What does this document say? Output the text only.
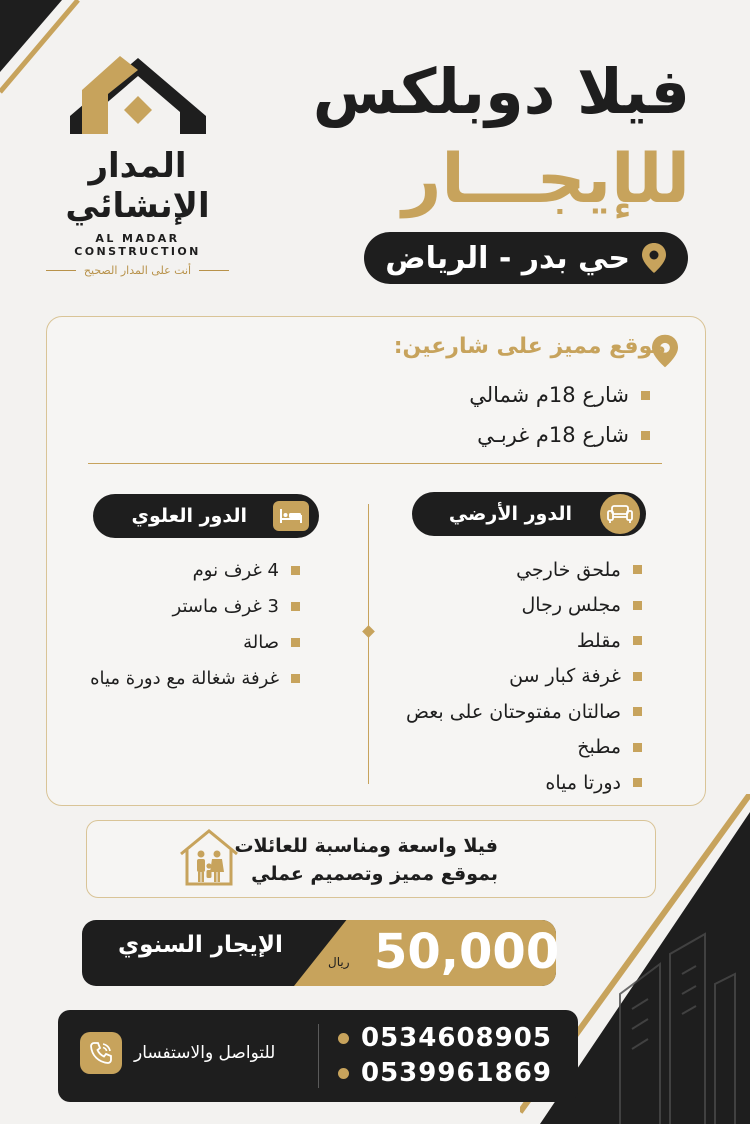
المدار الإنشائي
AL MADAR CONSTRUCTION
أنت على المدار الصحيح
فيلا دوبلكس
للإيجـــار
حي بدر - الرياض
موقع مميز على شارعين:
شارع 18م شمالي
شارع 18م غربـي
الدور الأرضي
ملحق خارجي
مجلس رجال
مقلط
غرفة كبار سن
صالتان مفتوحتان على بعض
مطبخ
دورتا مياه
الدور العلوي
4 غرف نوم
3 غرف ماستر
صالة
غرفة شغالة مع دورة مياه
فيلا واسعة ومناسبة للعائلات
بموقع مميز وتصميم عملي
الإيجار السنوي 50,000
ريال
للتواصل والاستفسار	0534608905
0539961869
